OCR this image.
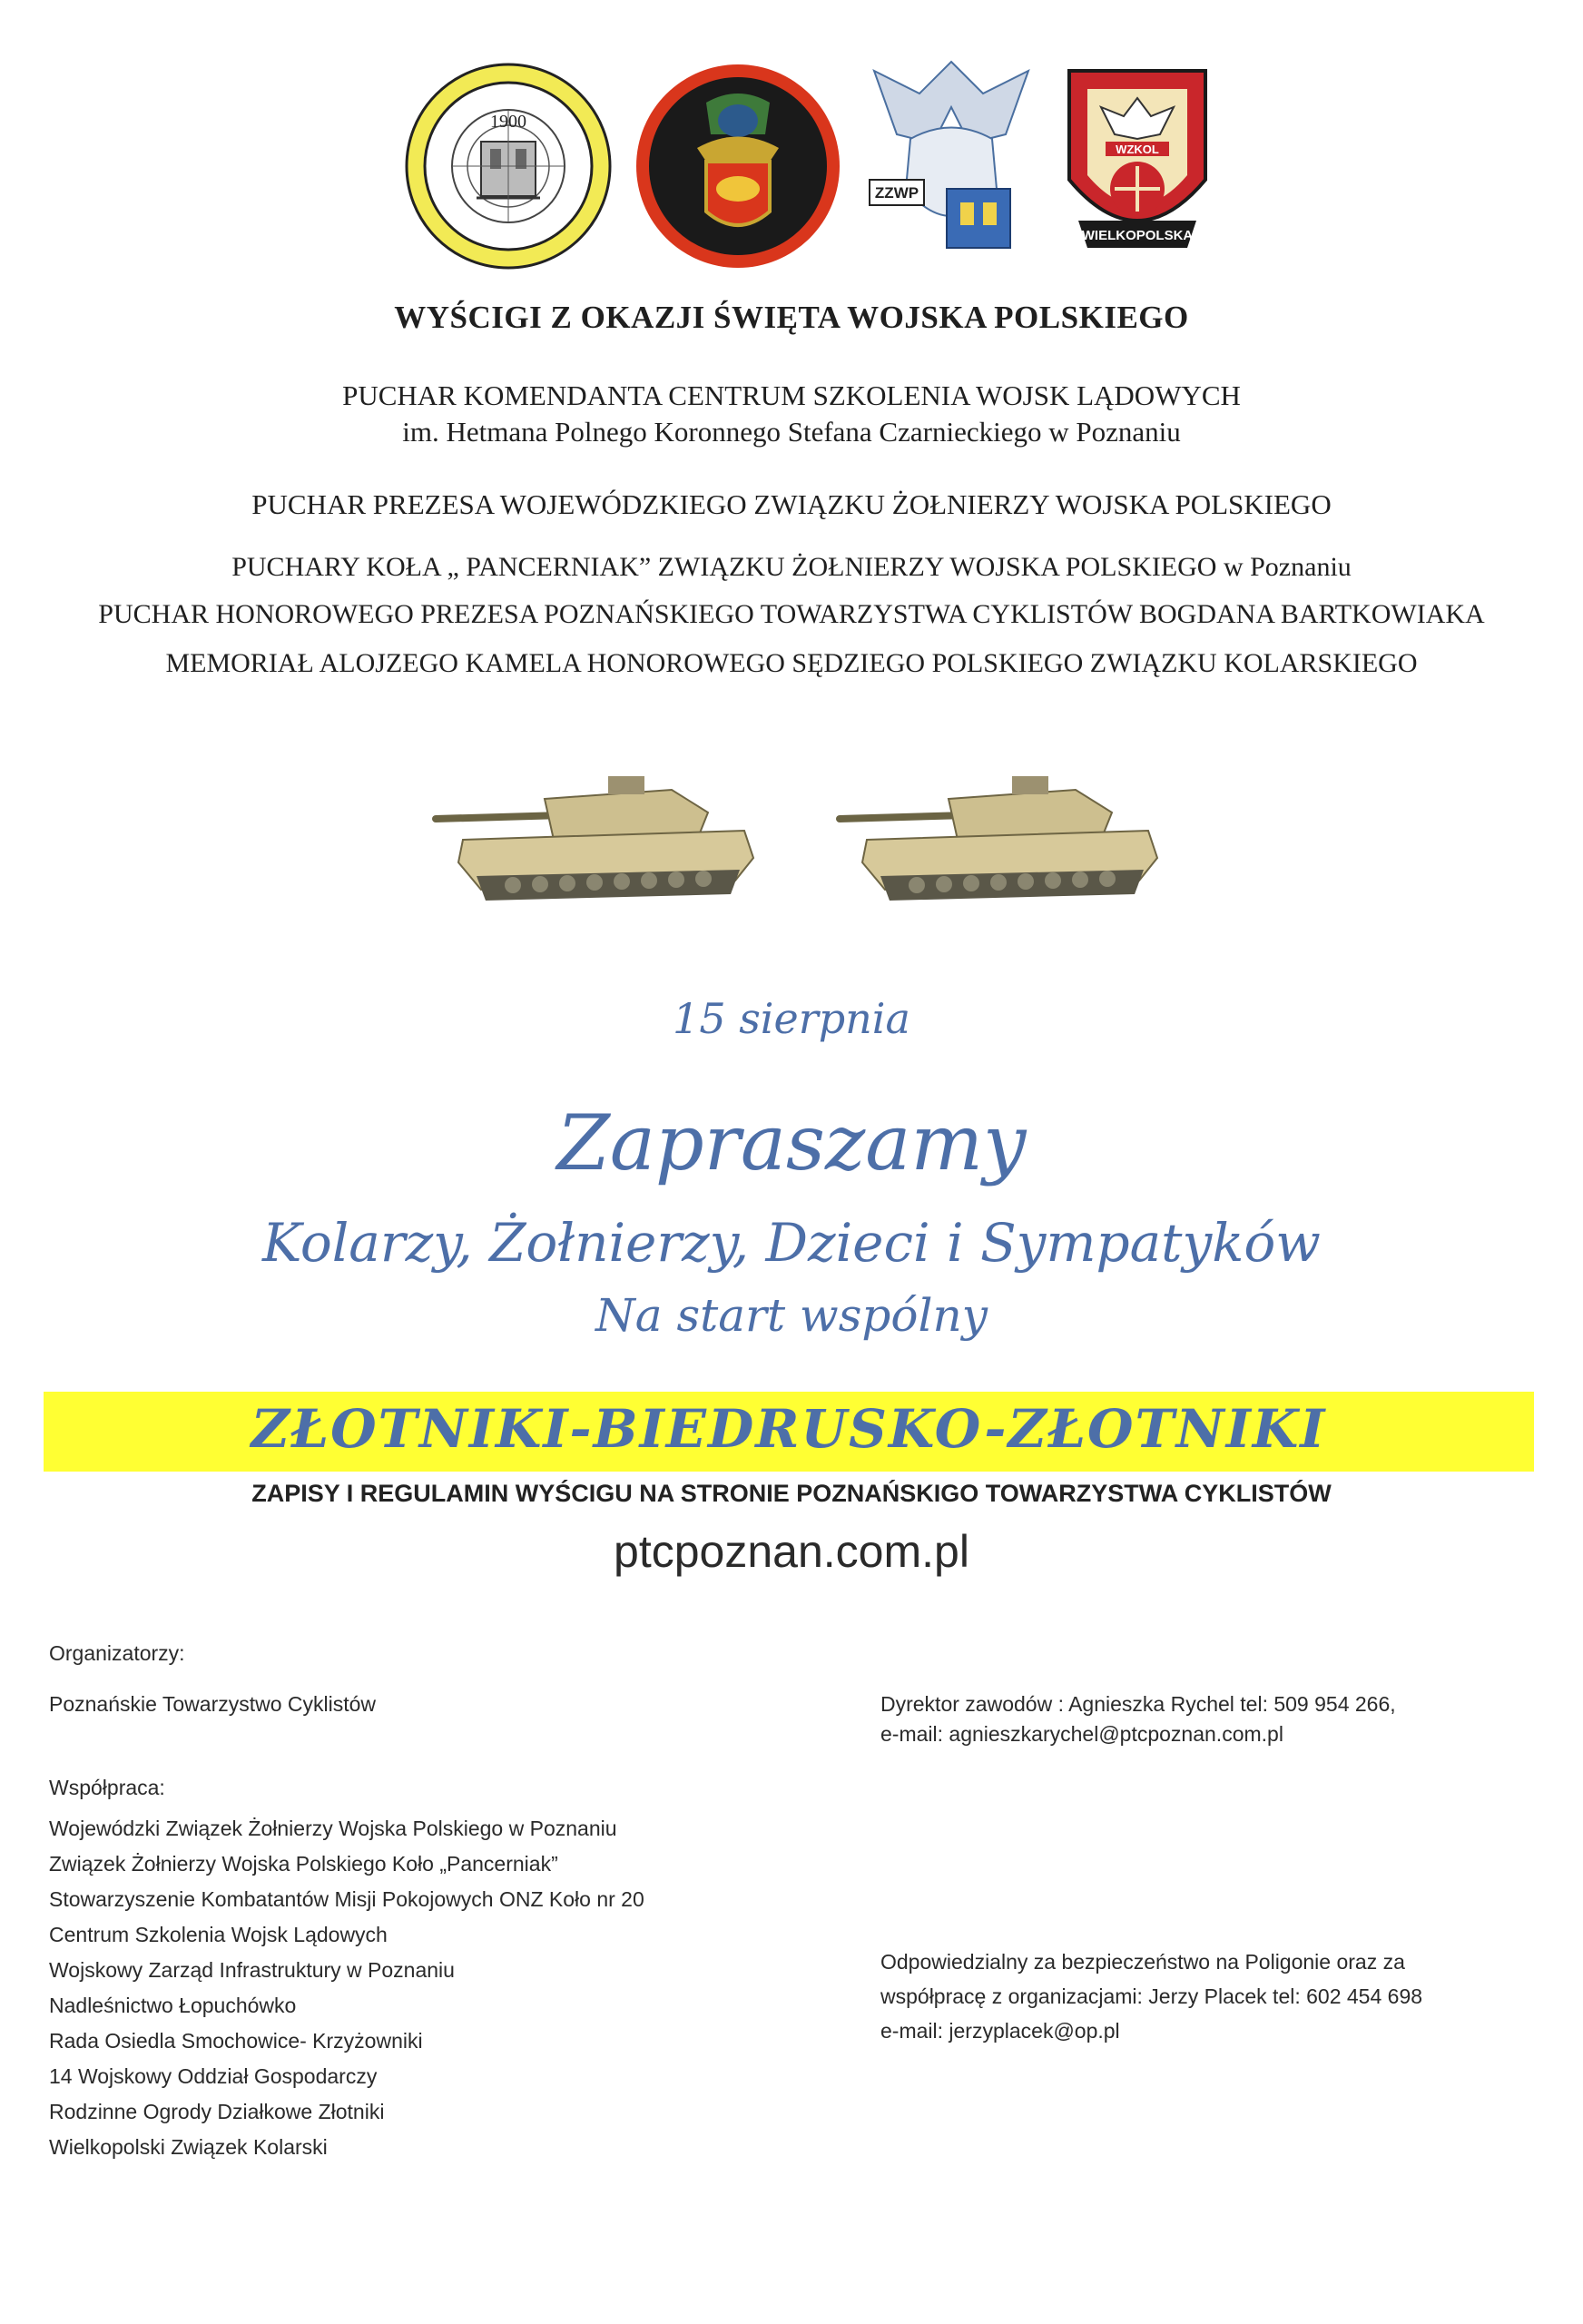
1900
ZZWP
WZKOL
WIELKOPOLSKA
WYŚCIGI Z OKAZJI ŚWIĘTA WOJSKA POLSKIEGO
PUCHAR KOMENDANTA CENTRUM SZKOLENIA WOJSK LĄDOWYCH
im. Hetmana Polnego Koronnego Stefana Czarnieckiego w Poznaniu
PUCHAR PREZESA WOJEWÓDZKIEGO ZWIĄZKU ŻOŁNIERZY WOJSKA POLSKIEGO
PUCHARY KOŁA „ PANCERNIAK” ZWIĄZKU ŻOŁNIERZY WOJSKA POLSKIEGO w Poznaniu
PUCHAR HONOROWEGO PREZESA POZNAŃSKIEGO TOWARZYSTWA CYKLISTÓW BOGDANA BARTKOWIAKA
MEMORIAŁ ALOJZEGO KAMELA HONOROWEGO SĘDZIEGO POLSKIEGO ZWIĄZKU KOLARSKIEGO
15 sierpnia
Zapraszamy
Kolarzy, Żołnierzy, Dzieci i Sympatyków
Na start wspólny
ZŁOTNIKI-BIEDRUSKO-ZŁOTNIKI
ZAPISY I REGULAMIN WYŚCIGU NA STRONIE POZNAŃSKIGO TOWARZYSTWA CYKLISTÓW
ptcpoznan.com.pl
Organizatorzy:
Poznańskie Towarzystwo Cyklistów	Dyrektor zawodów : Agnieszka Rychel tel: 509 954 266,
e-mail: agnieszkarychel@ptcpoznan.com.pl
Współpraca:
Wojewódzki Związek Żołnierzy Wojska Polskiego w Poznaniu
Związek Żołnierzy Wojska Polskiego Koło „Pancerniak”
Stowarzyszenie Kombatantów Misji Pokojowych ONZ Koło nr 20
Centrum Szkolenia Wojsk Lądowych
Wojskowy Zarząd Infrastruktury w Poznaniu
Nadleśnictwo Łopuchówko
Rada Osiedla Smochowice- Krzyżowniki
14 Wojskowy Oddział Gospodarczy
Rodzinne Ogrody Działkowe Złotniki
Wielkopolski Związek Kolarski
Odpowiedzialny za bezpieczeństwo na Poligonie oraz za
współpracę z organizacjami: Jerzy Placek tel: 602 454 698
e-mail: jerzyplacek@op.pl
